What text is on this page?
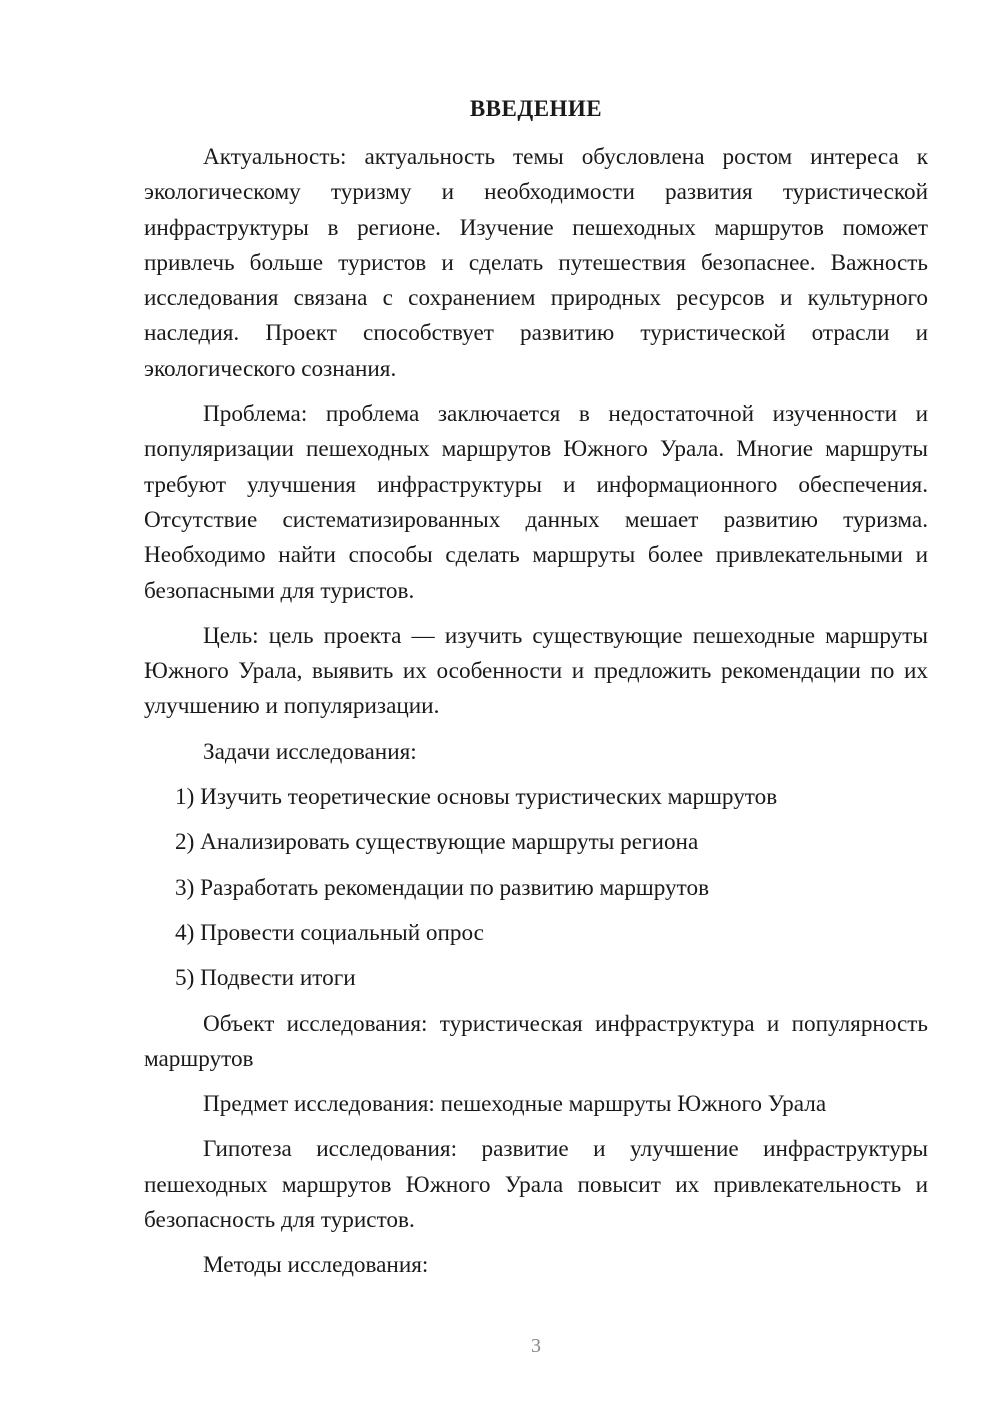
ВВЕДЕНИЕ

Актуальность: актуальность темы обусловлена ростом интереса к экологическому туризму и необходимости развития туристической инфраструктуры в регионе. Изучение пешеходных маршрутов поможет привлечь больше туристов и сделать путешествия безопаснее. Важность исследования связана с сохранением природных ресурсов и культурного наследия. Проект способствует развитию туристической отрасли и экологического сознания.

Проблема: проблема заключается в недостаточной изученности и популяризации пешеходных маршрутов Южного Урала. Многие маршруты требуют улучшения инфраструктуры и информационного обеспечения. Отсутствие систематизированных данных мешает развитию туризма. Необходимо найти способы сделать маршруты более привлекательными и безопасными для туристов.

Цель: цель проекта — изучить существующие пешеходные маршруты Южного Урала, выявить их особенности и предложить рекомендации по их улучшению и популяризации.

Задачи исследования:

1) Изучить теоретические основы туристических маршрутов
2) Анализировать существующие маршруты региона
3) Разработать рекомендации по развитию маршрутов
4) Провести социальный опрос
5) Подвести итоги

Объект исследования: туристическая инфраструктура и популярность маршрутов

Предмет исследования: пешеходные маршруты Южного Урала

Гипотеза исследования: развитие и улучшение инфраструктуры пешеходных маршрутов Южного Урала повысит их привлекательность и безопасность для туристов.

Методы исследования:

3
